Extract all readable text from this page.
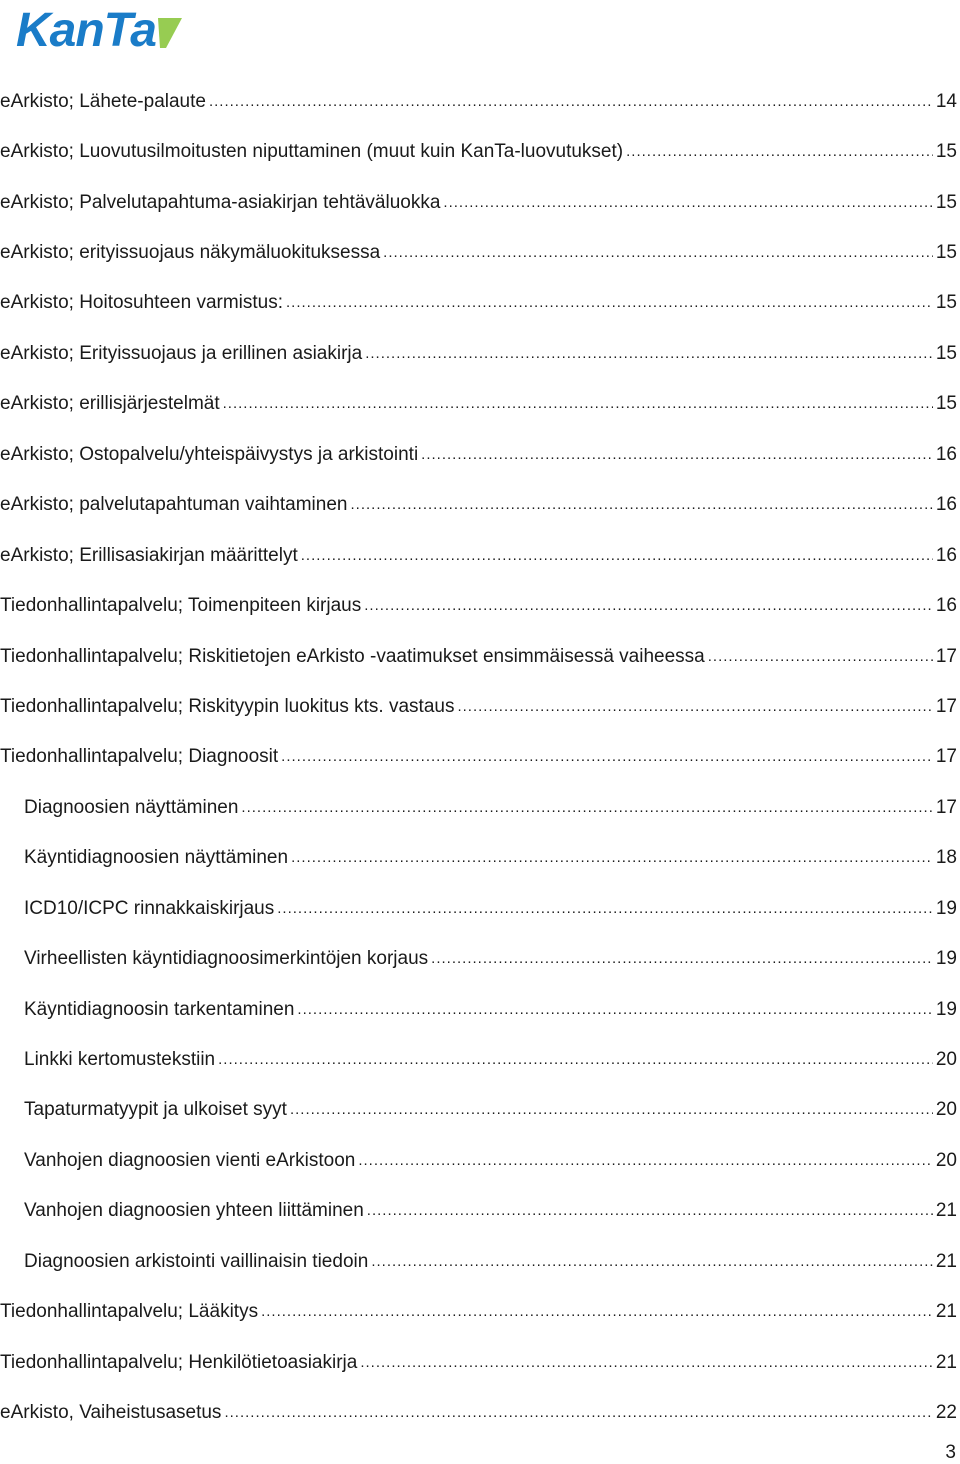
KanTa
eArkisto; Lähete-palaute .....	14
eArkisto; Luovutusilmoitusten niputtaminen (muut kuin KanTa-luovutukset) .....	15
eArkisto; Palvelutapahtuma-asiakirjan tehtäväluokka .....	15
eArkisto; erityissuojaus näkymäluokituksessa .....	15
eArkisto; Hoitosuhteen varmistus: .....	15
eArkisto; Erityissuojaus ja erillinen asiakirja .....	15
eArkisto; erillisjärjestelmät .....	15
eArkisto; Ostopalvelu/yhteispäivystys ja arkistointi .....	16
eArkisto; palvelutapahtuman vaihtaminen .....	16
eArkisto; Erillisasiakirjan määrittelyt .....	16
Tiedonhallintapalvelu; Toimenpiteen kirjaus .....	16
Tiedonhallintapalvelu; Riskitietojen eArkisto -vaatimukset ensimmäisessä vaiheessa .....	17
Tiedonhallintapalvelu; Riskityypin luokitus kts. vastaus .....	17
Tiedonhallintapalvelu; Diagnoosit .....	17
Diagnoosien näyttäminen .....	17
Käyntidiagnoosien näyttäminen .....	18
ICD10/ICPC rinnakkaiskirjaus .....	19
Virheellisten käyntidiagnoosimerkintöjen korjaus .....	19
Käyntidiagnoosin tarkentaminen .....	19
Linkki kertomustekstiin .....	20
Tapaturmatyypit ja ulkoiset syyt .....	20
Vanhojen diagnoosien vienti eArkistoon .....	20
Vanhojen diagnoosien yhteen liittäminen .....	21
Diagnoosien arkistointi vaillinaisin tiedoin .....	21
Tiedonhallintapalvelu; Lääkitys .....	21
Tiedonhallintapalvelu; Henkilötietoasiakirja .....	21
eArkisto, Vaiheistusasetus .....	22
3
